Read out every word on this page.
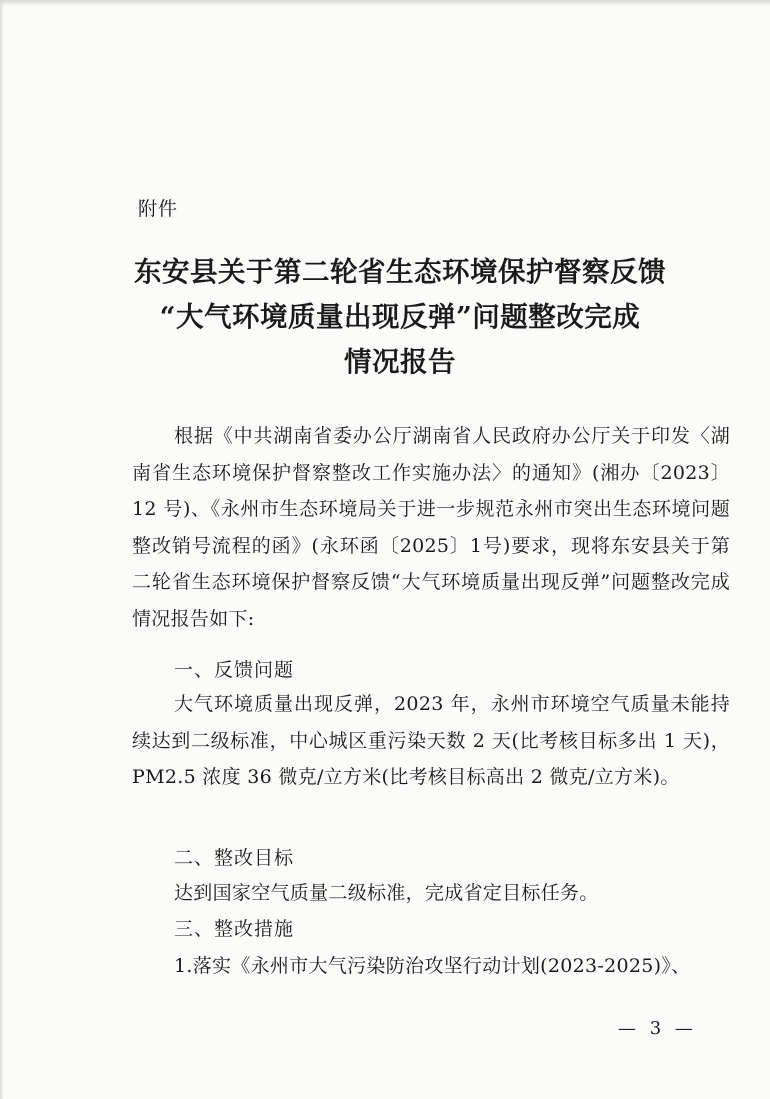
附件
东安县关于第二轮省生态环境保护督察反馈
“大气环境质量出现反弹”问题整改完成
情况报告

根据《中共湖南省委办公厅湖南省人民政府办公厅关于印发〈湖南省生态环境保护督察整改工作实施办法〉的通知》(湘办〔2023〕12 号)、《永州市生态环境局关于进一步规范永州市突出生态环境问题整改销号流程的函》(永环函〔2025〕1号)要求，现将东安县关于第二轮省生态环境保护督察反馈“大气环境质量出现反弹”问题整改完成情况报告如下:

一、反馈问题

大气环境质量出现反弹，2023 年，永州市环境空气质量未能持续达到二级标准，中心城区重污染天数 2 天(比考核目标多出 1 天)，PM2.5 浓度 36 微克/立方米(比考核目标高出 2 微克/立方米)。

二、整改目标

达到国家空气质量二级标准，完成省定目标任务。

三、整改措施

1.落实《永州市大气污染防治攻坚行动计划(2023-2025)》、

— 3 —
